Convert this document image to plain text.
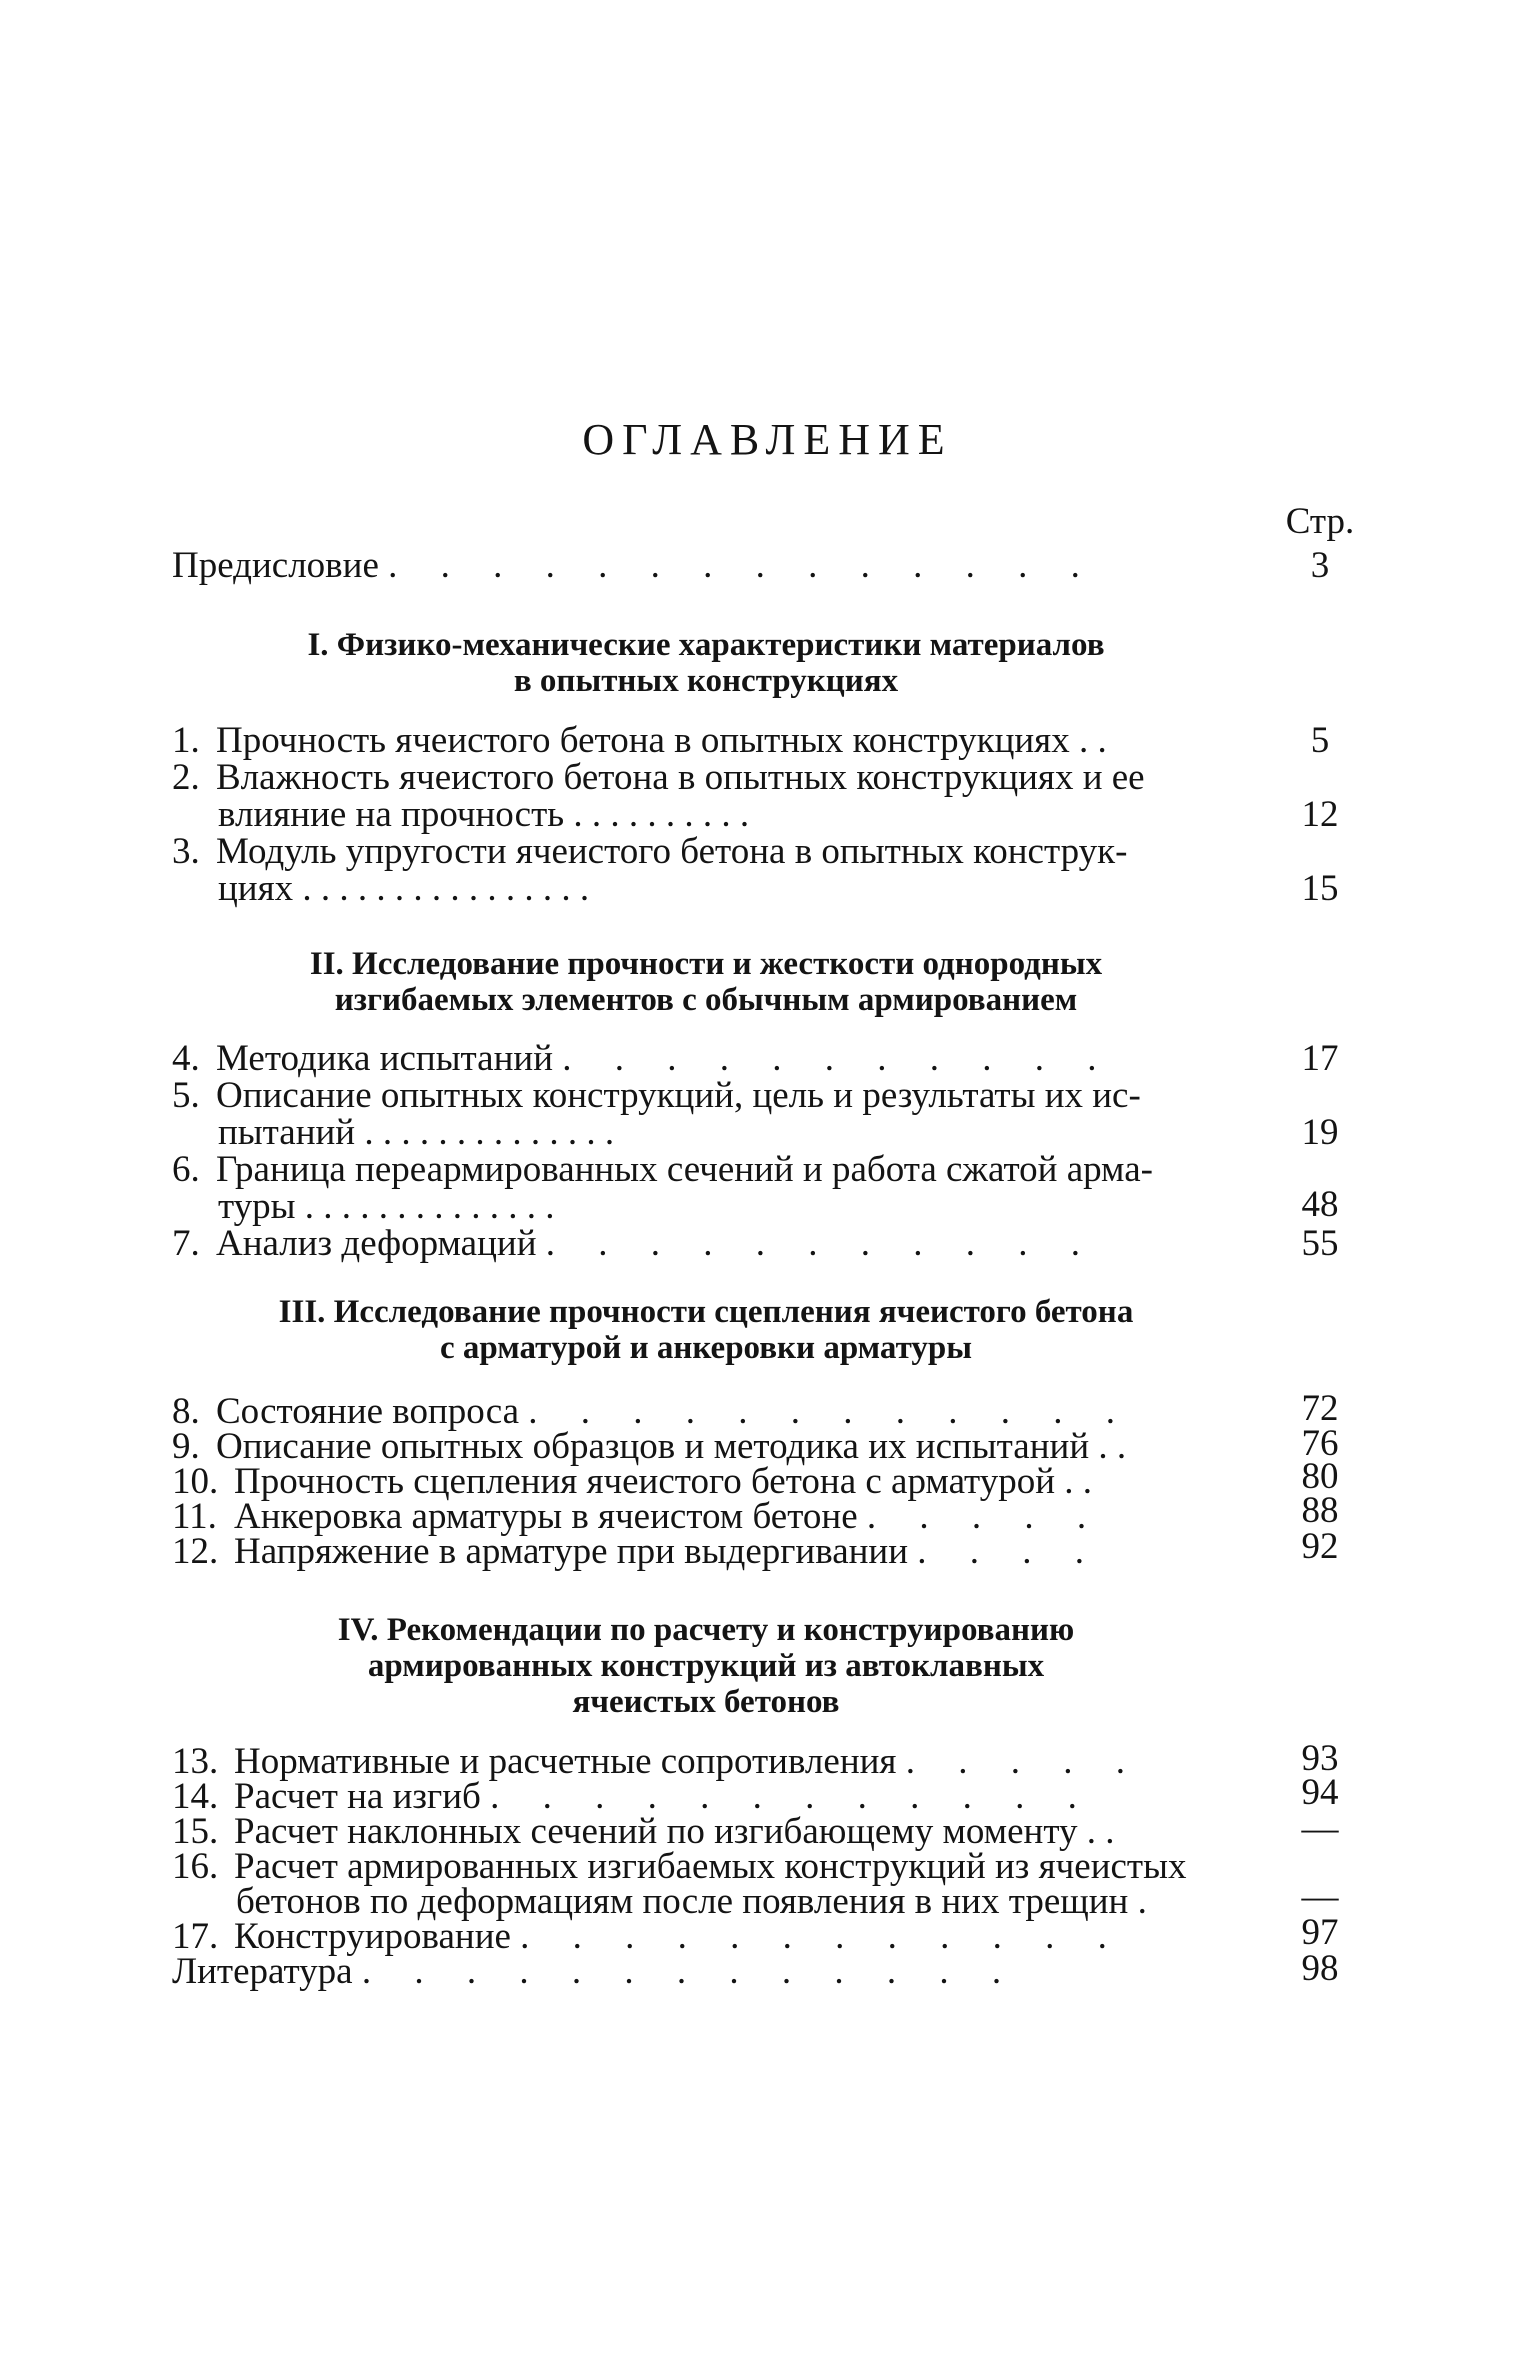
ОГЛАВЛЕНИЕ
Стр.
Предисловие . . . . . . . . . . . . . .	3
I. Физико-механические характеристики материалов
в опытных конструкциях
1. Прочность ячеистого бетона в опытных конструкциях . .	5
2. Влажность ячеистого бетона в опытных конструкциях и ее
влияние на прочность . . . . . . . . . .	12
3. Модуль упругости ячеистого бетона в опытных конструк-
циях . . . . . . . . . . . . . . . .	15
II. Исследование прочности и жесткости однородных
изгибаемых элементов с обычным армированием
4. Методика испытаний . . . . . . . . . . .	17
5. Описание опытных конструкций, цель и результаты их ис-
пытаний . . . . . . . . . . . . . .	19
6. Граница переармированных сечений и работа сжатой арма-
туры . . . . . . . . . . . . . .	48
7. Анализ деформаций . . . . . . . . . . .	55
III. Исследование прочности сцепления ячеистого бетона
с арматурой и анкеровки арматуры
8. Состояние вопроса . . . . . . . . . . . .	72
9. Описание опытных образцов и методика их испытаний . .	76
10. Прочность сцепления ячеистого бетона с арматурой . .	80
11. Анкеровка арматуры в ячеистом бетоне . . . . .	88
12. Напряжение в арматуре при выдергивании . . . .	92
IV. Рекомендации по расчету и конструированию
армированных конструкций из автоклавных
ячеистых бетонов
13. Нормативные и расчетные сопротивления . . . . .	93
14. Расчет на изгиб . . . . . . . . . . . .	94
15. Расчет наклонных сечений по изгибающему моменту . .	—
16. Расчет армированных изгибаемых конструкций из ячеистых
бетонов по деформациям после появления в них трещин .	—
17. Конструирование . . . . . . . . . . . .	97
Литература . . . . . . . . . . . . .	98
